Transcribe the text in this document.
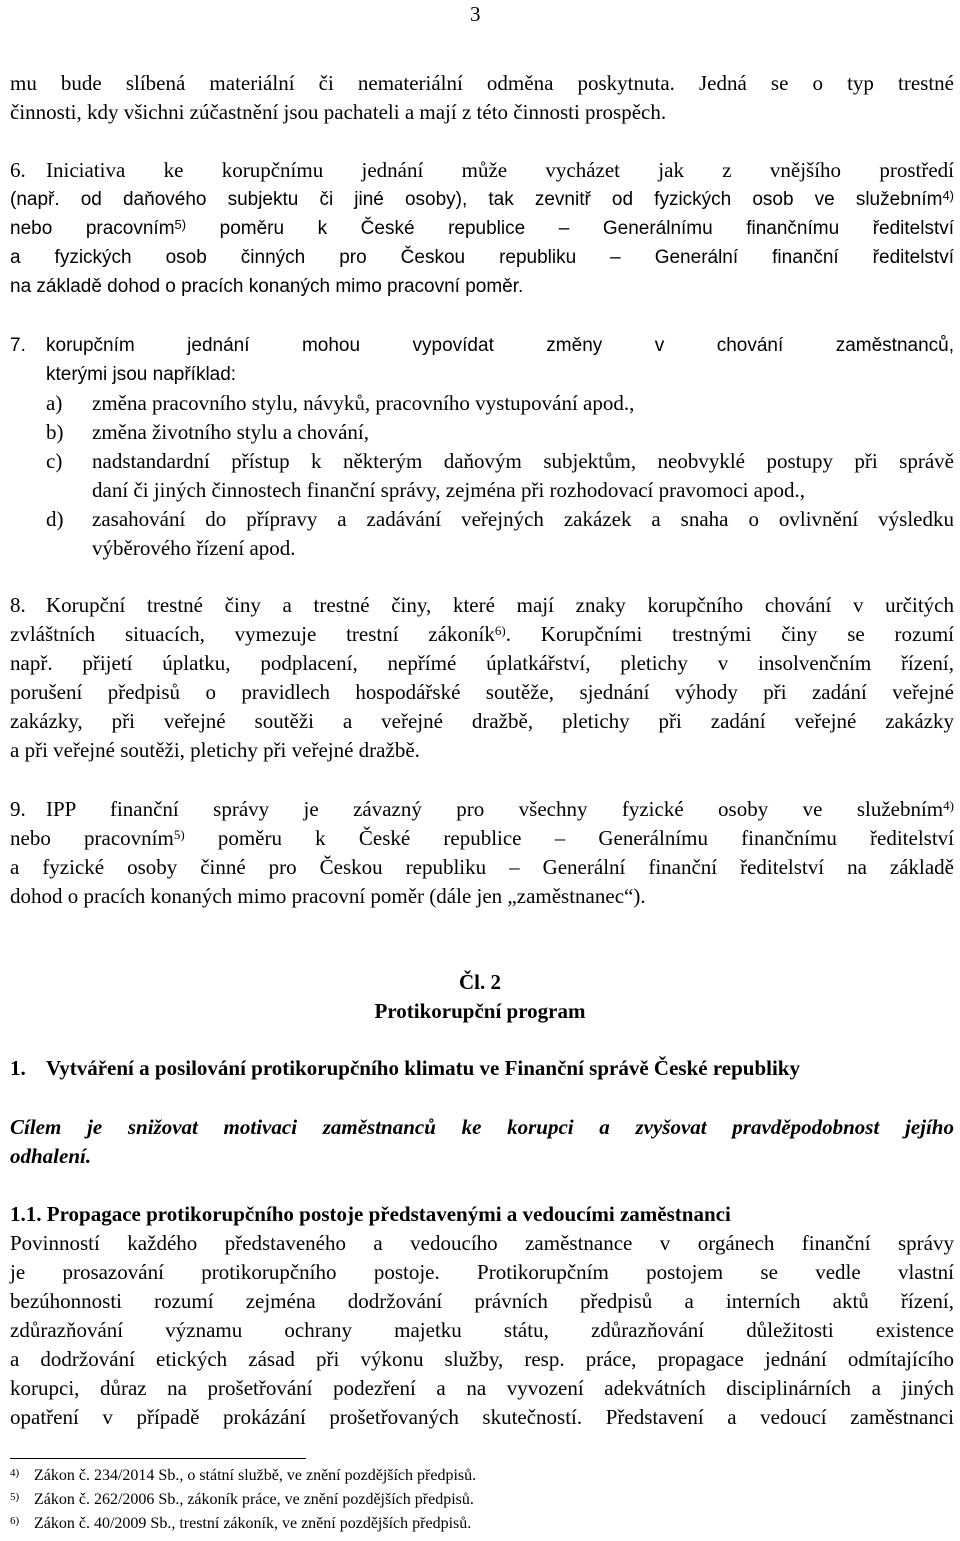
3
mu bude slíbená materiální či nemateriální odměna poskytnuta. Jedná se o typ trestné
činnosti, kdy všichni zúčastnění jsou pachateli a mají z této činnosti prospěch.
6. Iniciativa ke korupčnímu jednání může vycházet jak z vnějšího prostředí
(např. od daňového subjektu či jiné osoby), tak zevnitř od fyzických osob ve služebním$^{4)}$
nebo pracovním$^{5)}$ poměru k České republice – Generálnímu finančnímu ředitelství
a fyzických osob činných pro Českou republiku – Generální finanční ředitelství
na základě dohod o pracích konaných mimo pracovní poměr.
7. korupčním jednání mohou vypovídat změny v chování zaměstnanců,
kterými jsou například:
a) změna pracovního stylu, návyků, pracovního vystupování apod.,
b) změna životního stylu a chování,
c) nadstandardní přístup k některým daňovým subjektům, neobvyklé postupy při správě
daní či jiných činnostech finanční správy, zejména při rozhodovací pravomoci apod.,
d) zasahování do přípravy a zadávání veřejných zakázek a snaha o ovlivnění výsledku
výběrového řízení apod.
8. Korupční trestné činy a trestné činy, které mají znaky korupčního chování v určitých
zvláštních situacích, vymezuje trestní zákoník$^{6)}$. Korupčními trestnými činy se rozumí
např. přijetí úplatku, podplacení, nepřímé úplatkářství, pletichy v insolvenčním řízení,
porušení předpisů o pravidlech hospodářské soutěže, sjednání výhody při zadání veřejné
zakázky, při veřejné soutěži a veřejné dražbě, pletichy při zadání veřejné zakázky
a při veřejné soutěži, pletichy při veřejné dražbě.
9. IPP finanční správy je závazný pro všechny fyzické osoby ve služebním$^{4)}$
nebo pracovním$^{5)}$ poměru k České republice – Generálnímu finančnímu ředitelství
a fyzické osoby činné pro Českou republiku – Generální finanční ředitelství na základě
dohod o pracích konaných mimo pracovní poměr (dále jen „zaměstnanec“).
Čl. 2
Protikorupční program
1. Vytváření a posilování protikorupčního klimatu ve Finanční správě České republiky
Cílem je snižovat motivaci zaměstnanců ke korupci a zvyšovat pravděpodobnost jejího
odhalení.
1.1. Propagace protikorupčního postoje představenými a vedoucími zaměstnanci
Povinností každého představeného a vedoucího zaměstnance v orgánech finanční správy
je prosazování protikorupčního postoje. Protikorupčním postojem se vedle vlastní
bezúhonnosti rozumí zejména dodržování právních předpisů a interních aktů řízení,
zdůrazňování významu ochrany majetku státu, zdůrazňování důležitosti existence
a dodržování etických zásad při výkonu služby, resp. práce, propagace jednání odmítajícího
korupci, důraz na prošetřování podezření a na vyvození adekvátních disciplinárních a jiných
opatření v případě prokázání prošetřovaných skutečností. Představení a vedoucí zaměstnanci
4) Zákon č. 234/2014 Sb., o státní službě, ve znění pozdějších předpisů.
5) Zákon č. 262/2006 Sb., zákoník práce, ve znění pozdějších předpisů.
6) Zákon č. 40/2009 Sb., trestní zákoník, ve znění pozdějších předpisů.
